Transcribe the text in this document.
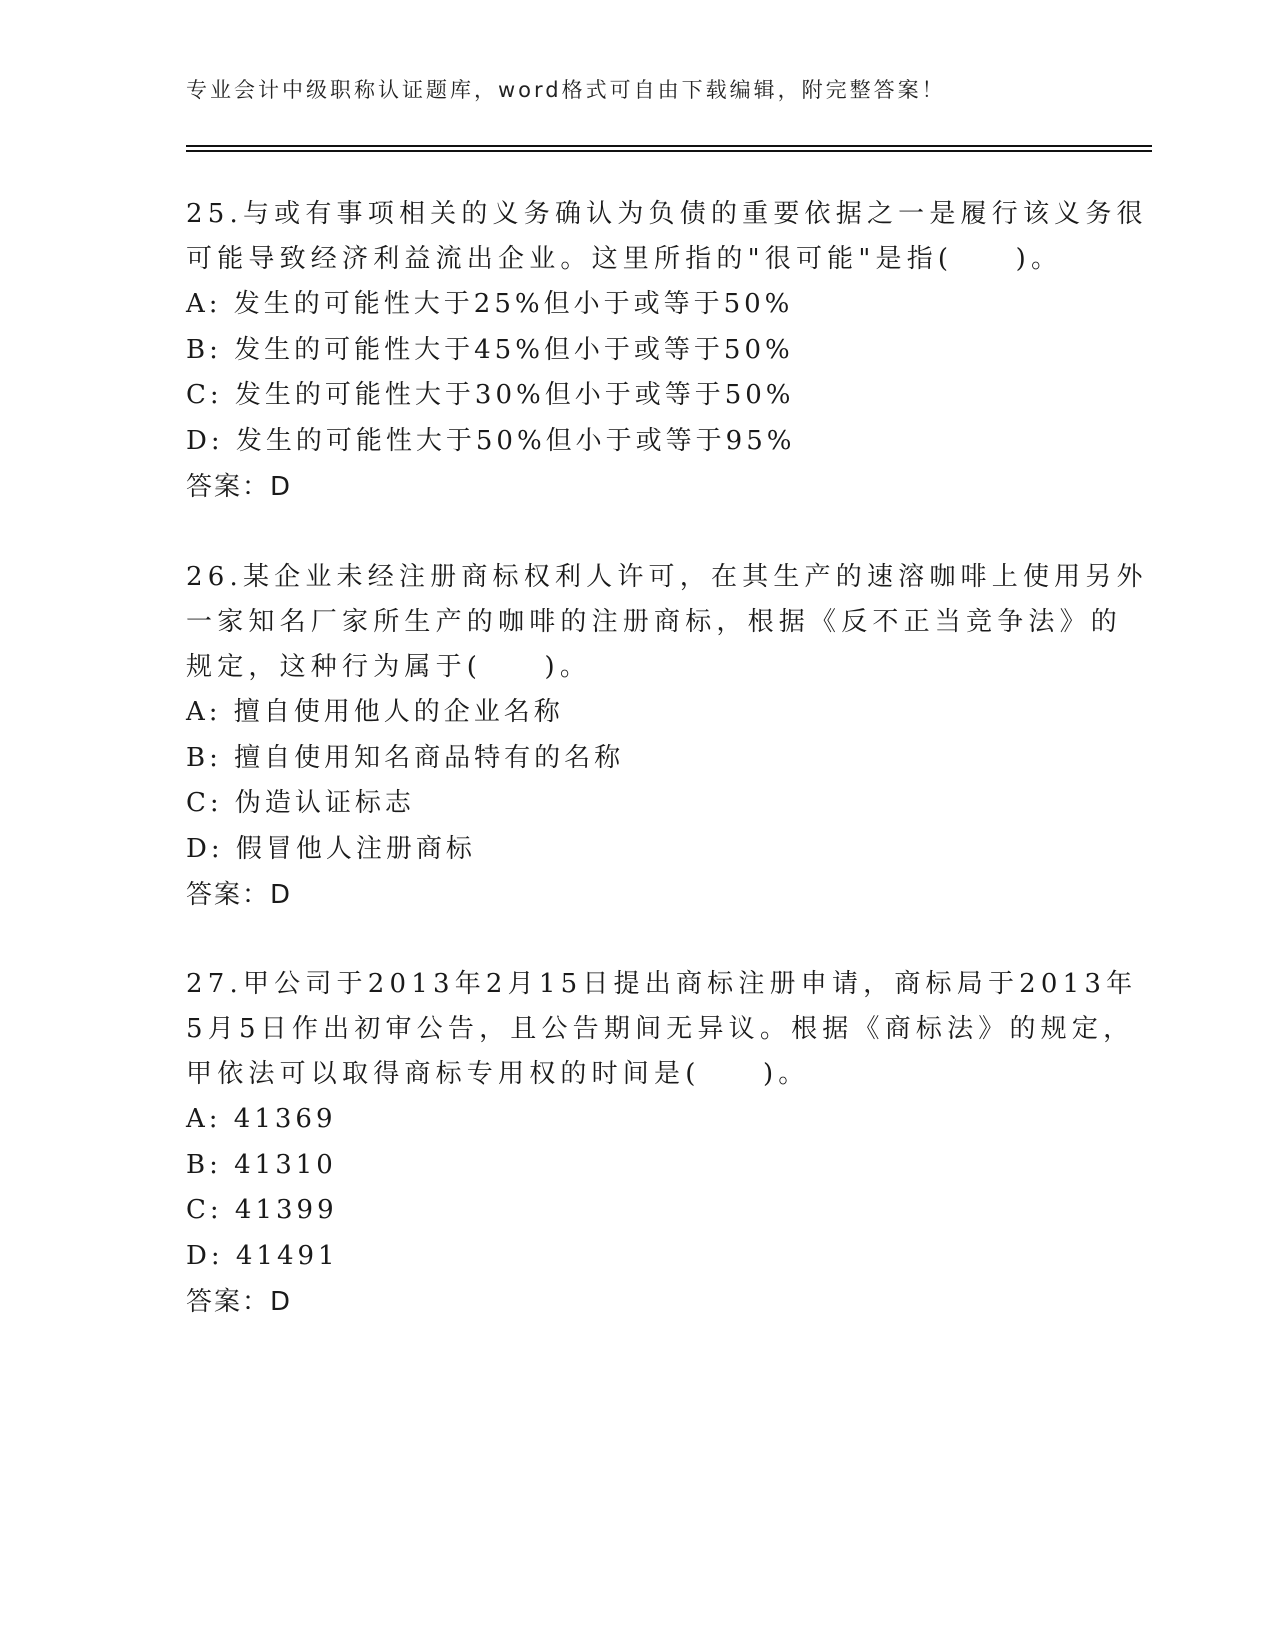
专业会计中级职称认证题库，word格式可自由下载编辑，附完整答案！
25.与或有事项相关的义务确认为负债的重要依据之一是履行该义务很
可能导致经济利益流出企业。这里所指的"很可能"是指(　　)。
A: 发生的可能性大于25%但小于或等于50%
B: 发生的可能性大于45%但小于或等于50%
C: 发生的可能性大于30%但小于或等于50%
D: 发生的可能性大于50%但小于或等于95%
答案：D
26.某企业未经注册商标权利人许可，在其生产的速溶咖啡上使用另外
一家知名厂家所生产的咖啡的注册商标，根据《反不正当竞争法》的
规定，这种行为属于(　　)。
A: 擅自使用他人的企业名称
B: 擅自使用知名商品特有的名称
C: 伪造认证标志
D: 假冒他人注册商标
答案：D
27.甲公司于2013年2月15日提出商标注册申请，商标局于2013年
5月5日作出初审公告，且公告期间无异议。根据《商标法》的规定，
甲依法可以取得商标专用权的时间是(　　)。
A: 41369
B: 41310
C: 41399
D: 41491
答案：D
